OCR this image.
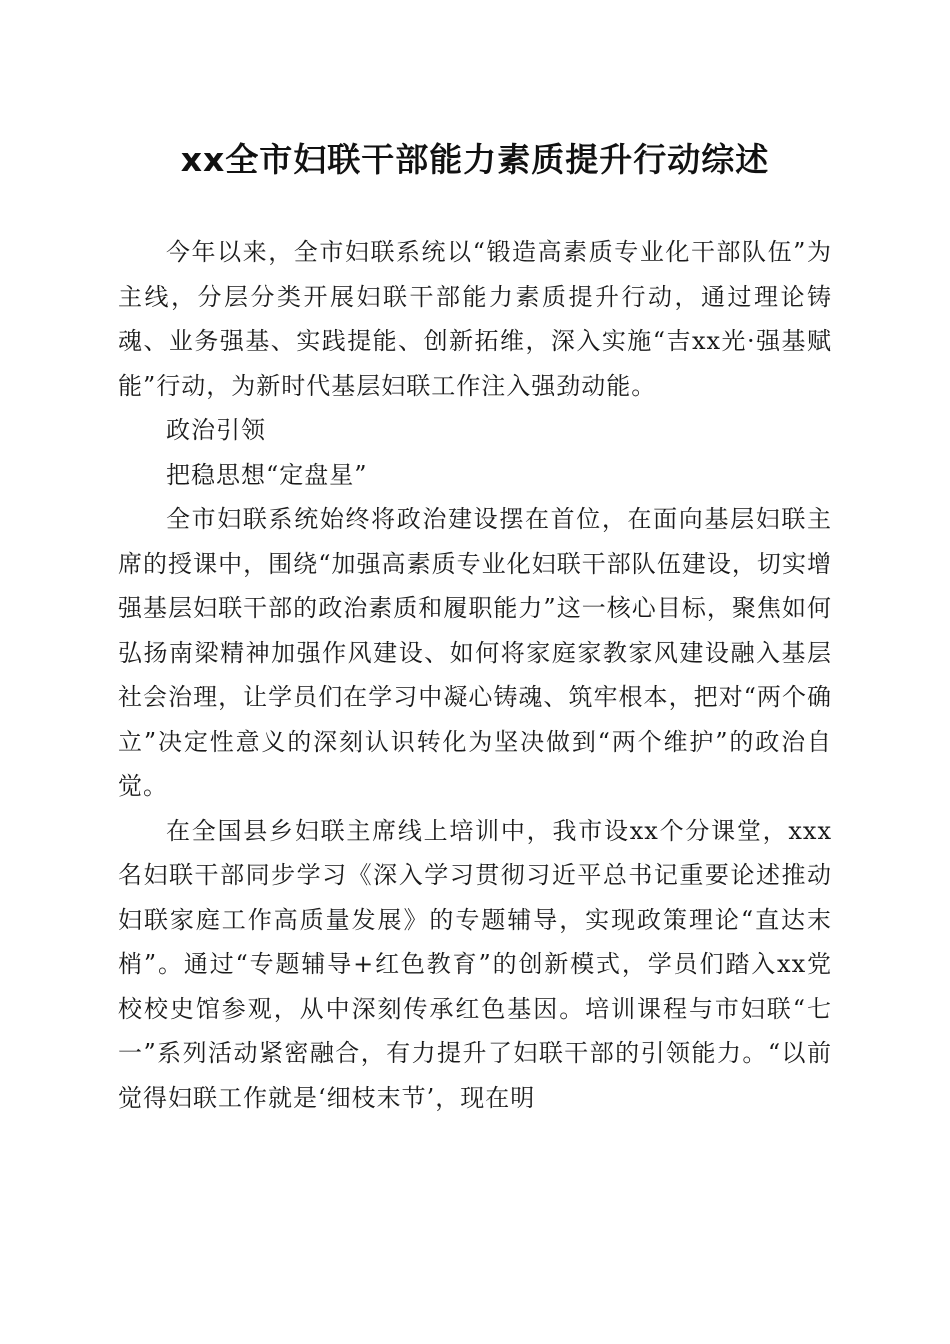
xx全市妇联干部能力素质提升行动综述

今年以来，全市妇联系统以“锻造高素质专业化干部队伍”为主线，分层分类开展妇联干部能力素质提升行动，通过理论铸魂、业务强基、实践提能、创新拓维，深入实施“吉xx光·强基赋能”行动，为新时代基层妇联工作注入强劲动能。

政治引领

把稳思想“定盘星”

全市妇联系统始终将政治建设摆在首位，在面向基层妇联主席的授课中，围绕“加强高素质专业化妇联干部队伍建设，切实增强基层妇联干部的政治素质和履职能力”这一核心目标，聚焦如何弘扬南梁精神加强作风建设、如何将家庭家教家风建设融入基层社会治理，让学员们在学习中凝心铸魂、筑牢根本，把对“两个确立”决定性意义的深刻认识转化为坚决做到“两个维护”的政治自觉。

在全国县乡妇联主席线上培训中，我市设xx个分课堂，xxx名妇联干部同步学习《深入学习贯彻习近平总书记重要论述推动妇联家庭工作高质量发展》的专题辅导，实现政策理论“直达末梢”。通过“专题辅导+红色教育”的创新模式，学员们踏入xx党校校史馆参观，从中深刻传承红色基因。培训课程与市妇联“七一”系列活动紧密融合，有力提升了妇联干部的引领能力。“以前觉得妇联工作就是‘细枝末节’，现在明
